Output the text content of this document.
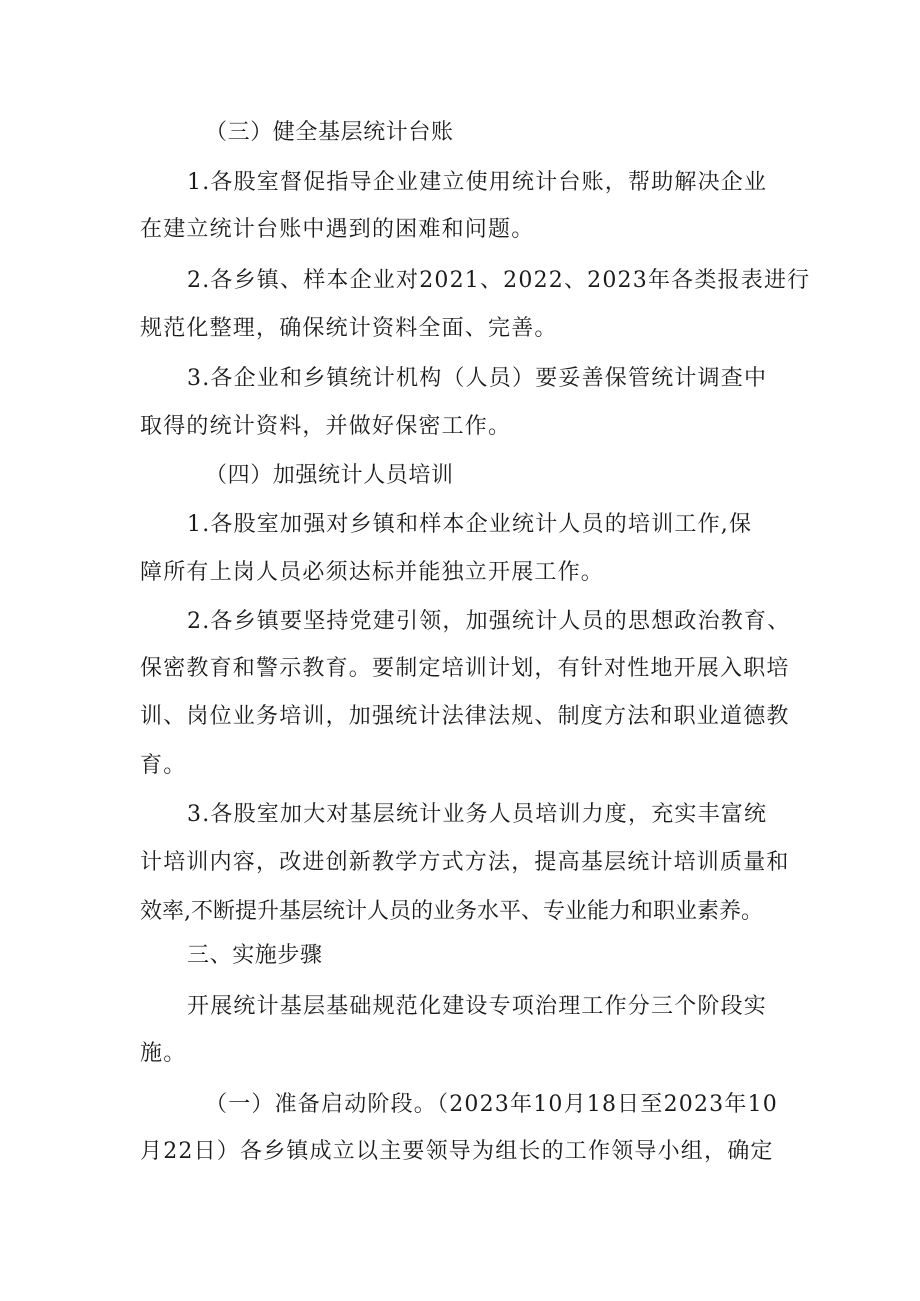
（三）健全基层统计台账
1.各股室督促指导企业建立使用统计台账，帮助解决企业
在建立统计台账中遇到的困难和问题。
2.各乡镇、样本企业对2021、2022、2023年各类报表进行
规范化整理，确保统计资料全面、完善。
3.各企业和乡镇统计机构（人员）要妥善保管统计调查中
取得的统计资料，并做好保密工作。
（四）加强统计人员培训
1.各股室加强对乡镇和样本企业统计人员的培训工作,保
障所有上岗人员必须达标并能独立开展工作。
2.各乡镇要坚持党建引领，加强统计人员的思想政治教育、
保密教育和警示教育。要制定培训计划，有针对性地开展入职培
训、岗位业务培训，加强统计法律法规、制度方法和职业道德教
育。
3.各股室加大对基层统计业务人员培训力度，充实丰富统
计培训内容，改进创新教学方式方法，提高基层统计培训质量和
效率,不断提升基层统计人员的业务水平、专业能力和职业素养。
三、实施步骤
开展统计基层基础规范化建设专项治理工作分三个阶段实
施。
（一）准备启动阶段。（2023年10月18日至2023年10
月22日）各乡镇成立以主要领导为组长的工作领导小组，确定
